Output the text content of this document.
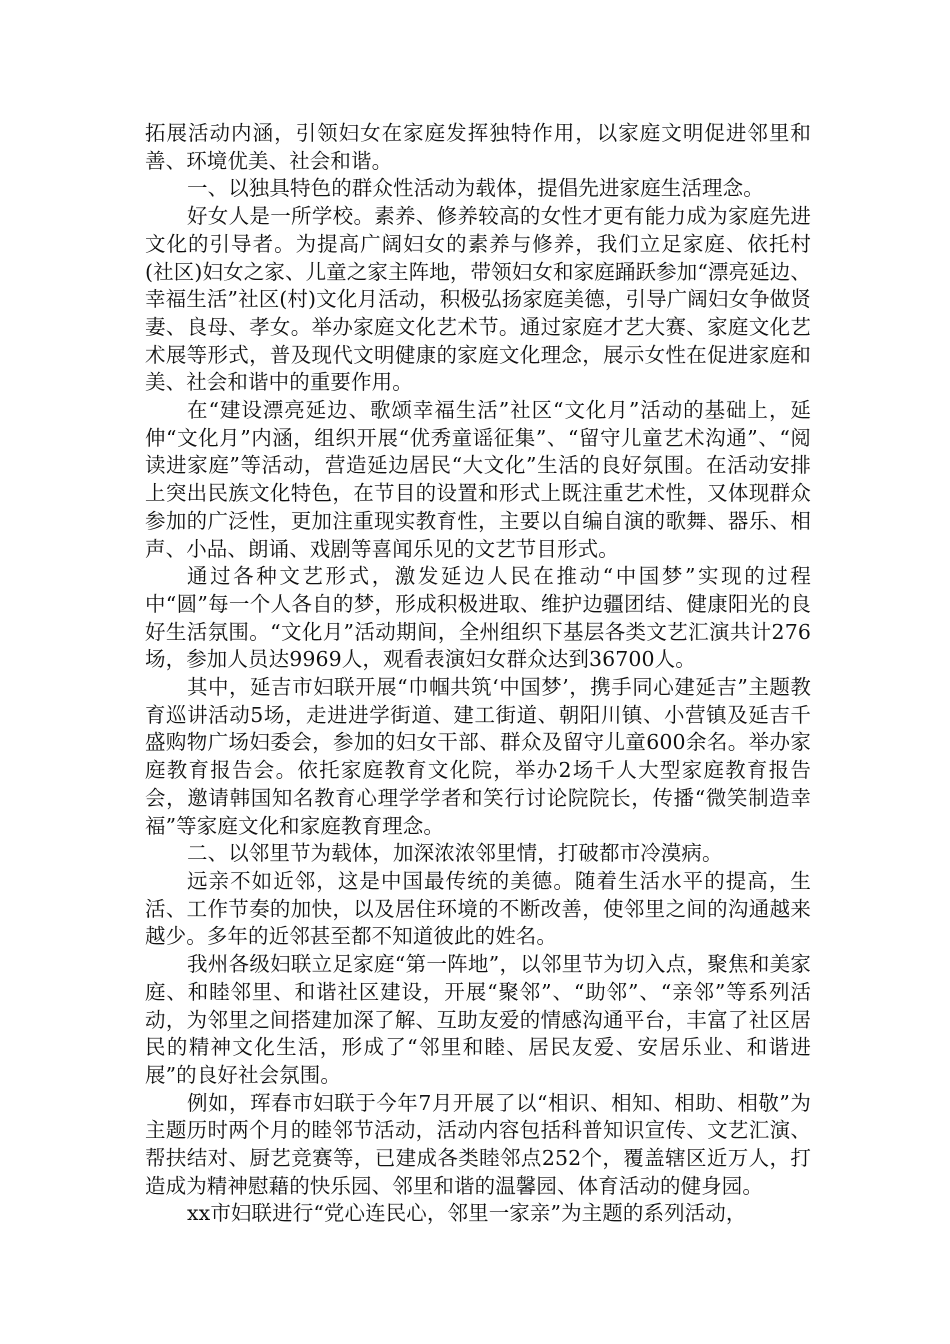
拓展活动内涵，引领妇女在家庭发挥独特作用，以家庭文明促进邻里和善、环境优美、社会和谐。

一、以独具特色的群众性活动为载体，提倡先进家庭生活理念。

好女人是一所学校。素养、修养较高的女性才更有能力成为家庭先进文化的引导者。为提高广阔妇女的素养与修养，我们立足家庭、依托村(社区)妇女之家、儿童之家主阵地，带领妇女和家庭踊跃参加“漂亮延边、幸福生活”社区(村)文化月活动，积极弘扬家庭美德，引导广阔妇女争做贤妻、良母、孝女。举办家庭文化艺术节。通过家庭才艺大赛、家庭文化艺术展等形式，普及现代文明健康的家庭文化理念，展示女性在促进家庭和美、社会和谐中的重要作用。

在“建设漂亮延边、歌颂幸福生活”社区“文化月”活动的基础上，延伸“文化月”内涵，组织开展“优秀童谣征集”、“留守儿童艺术沟通”、“阅读进家庭”等活动，营造延边居民“大文化”生活的良好氛围。在活动安排上突出民族文化特色，在节目的设置和形式上既注重艺术性，又体现群众参加的广泛性，更加注重现实教育性，主要以自编自演的歌舞、器乐、相声、小品、朗诵、戏剧等喜闻乐见的文艺节目形式。

通过各种文艺形式，激发延边人民在推动“中国梦”实现的过程中“圆”每一个人各自的梦，形成积极进取、维护边疆团结、健康阳光的良好生活氛围。“文化月”活动期间，全州组织下基层各类文艺汇演共计276场，参加人员达9969人，观看表演妇女群众达到36700人。

其中，延吉市妇联开展“巾帼共筑‘中国梦’，携手同心建延吉”主题教育巡讲活动5场，走进进学街道、建工街道、朝阳川镇、小营镇及延吉千盛购物广场妇委会，参加的妇女干部、群众及留守儿童600余名。举办家庭教育报告会。依托家庭教育文化院，举办2场千人大型家庭教育报告会，邀请韩国知名教育心理学学者和笑行讨论院院长，传播“微笑制造幸福”等家庭文化和家庭教育理念。

二、以邻里节为载体，加深浓浓邻里情，打破都市冷漠病。

远亲不如近邻，这是中国最传统的美德。随着生活水平的提高，生活、工作节奏的加快，以及居住环境的不断改善，使邻里之间的沟通越来越少。多年的近邻甚至都不知道彼此的姓名。

我州各级妇联立足家庭“第一阵地”，以邻里节为切入点，聚焦和美家庭、和睦邻里、和谐社区建设，开展“聚邻”、“助邻”、“亲邻”等系列活动，为邻里之间搭建加深了解、互助友爱的情感沟通平台，丰富了社区居民的精神文化生活，形成了“邻里和睦、居民友爱、安居乐业、和谐进展”的良好社会氛围。

例如，珲春市妇联于今年7月开展了以“相识、相知、相助、相敬”为主题历时两个月的睦邻节活动，活动内容包括科普知识宣传、文艺汇演、帮扶结对、厨艺竞赛等，已建成各类睦邻点252个，覆盖辖区近万人，打造成为精神慰藉的快乐园、邻里和谐的温馨园、体育活动的健身园。

xx市妇联进行“党心连民心，邻里一家亲”为主题的系列活动，
